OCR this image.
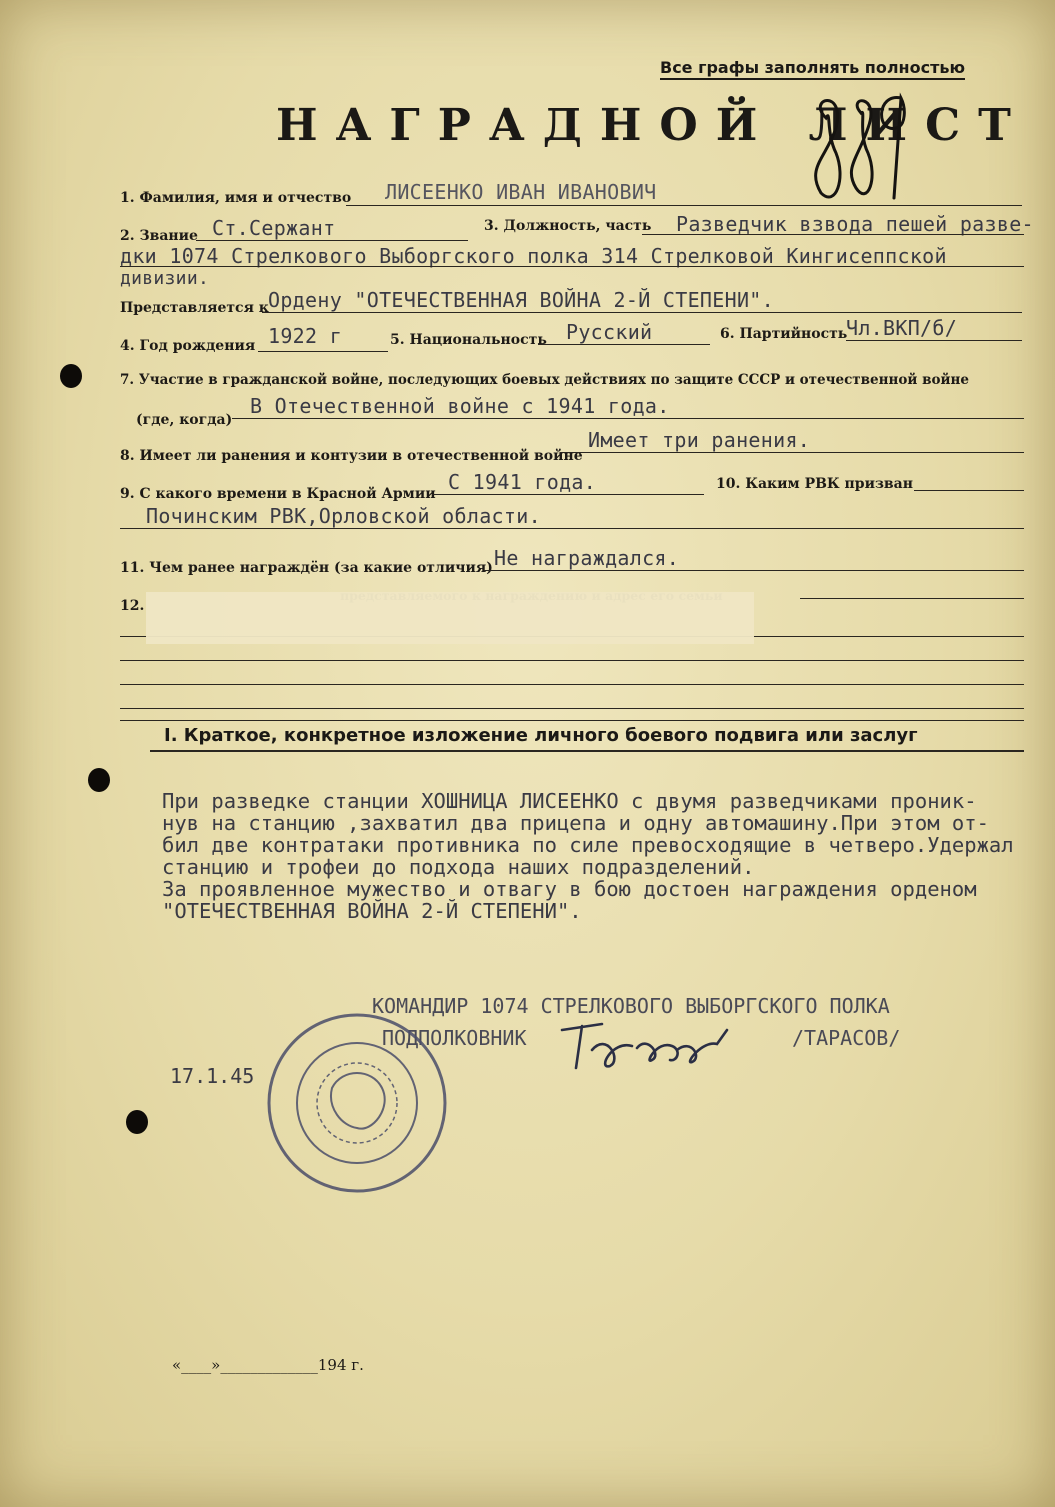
Все графы заполнять полностью
НАГРАДНОЙ ЛИСТ
1. Фамилия, имя и отчество ЛИСЕЕНКО ИВАН ИВАНОВИЧ
2. Звание Ст.Сержант	3. Должность, часть Разведчик взвода пешей разве-
дки 1074 Стрелкового Выборгского полка 314 Стрелковой Кингисеппской
дивизии.
Представляется к Ордену "ОТЕЧЕСТВЕННАЯ ВОЙНА 2-Й СТЕПЕНИ".
4. Год рождения 1922 г	5. Национальность Русский	6. Партийность
Чл.ВКП/б/
7. Участие в гражданской войне, последующих боевых действиях по защите СССР и отечественной войне
(где, когда)
В Отечественной войне с 1941 года.
8. Имеет ли ранения и контузии в отечественной войне
Имеет три ранения.
9. С какого времени в Красной Армии С 1941 года.	10. Каким РВК призван
Починским РВК,Орловской области.
11. Чем ранее награждён (за какие отличия) Не награждался.
12.
I. Краткое, конкретное изложение личного боевого подвига или заслуг
При разведке станции ХОШНИЦА ЛИСЕЕНКО с двумя разведчиками проник-
нув на станцию ,захватил два прицепа и одну автомашину.При этом от-
бил две контратаки противника по силе превосходящие в четверо.Удержал
станцию и трофеи до подхода наших подразделений.
За проявленное мужество и отвагу в бою достоен награждения орденом
"ОТЕЧЕСТВЕННАЯ ВОЙНА 2-Й СТЕПЕНИ".
КОМАНДИР 1074 СТРЕЛКОВОГО ВЫБОРГСКОГО ПОЛКА
ПОДПОЛКОВНИК	/ТАРАСОВ/
17.1.45
«____»_____________194 г.
